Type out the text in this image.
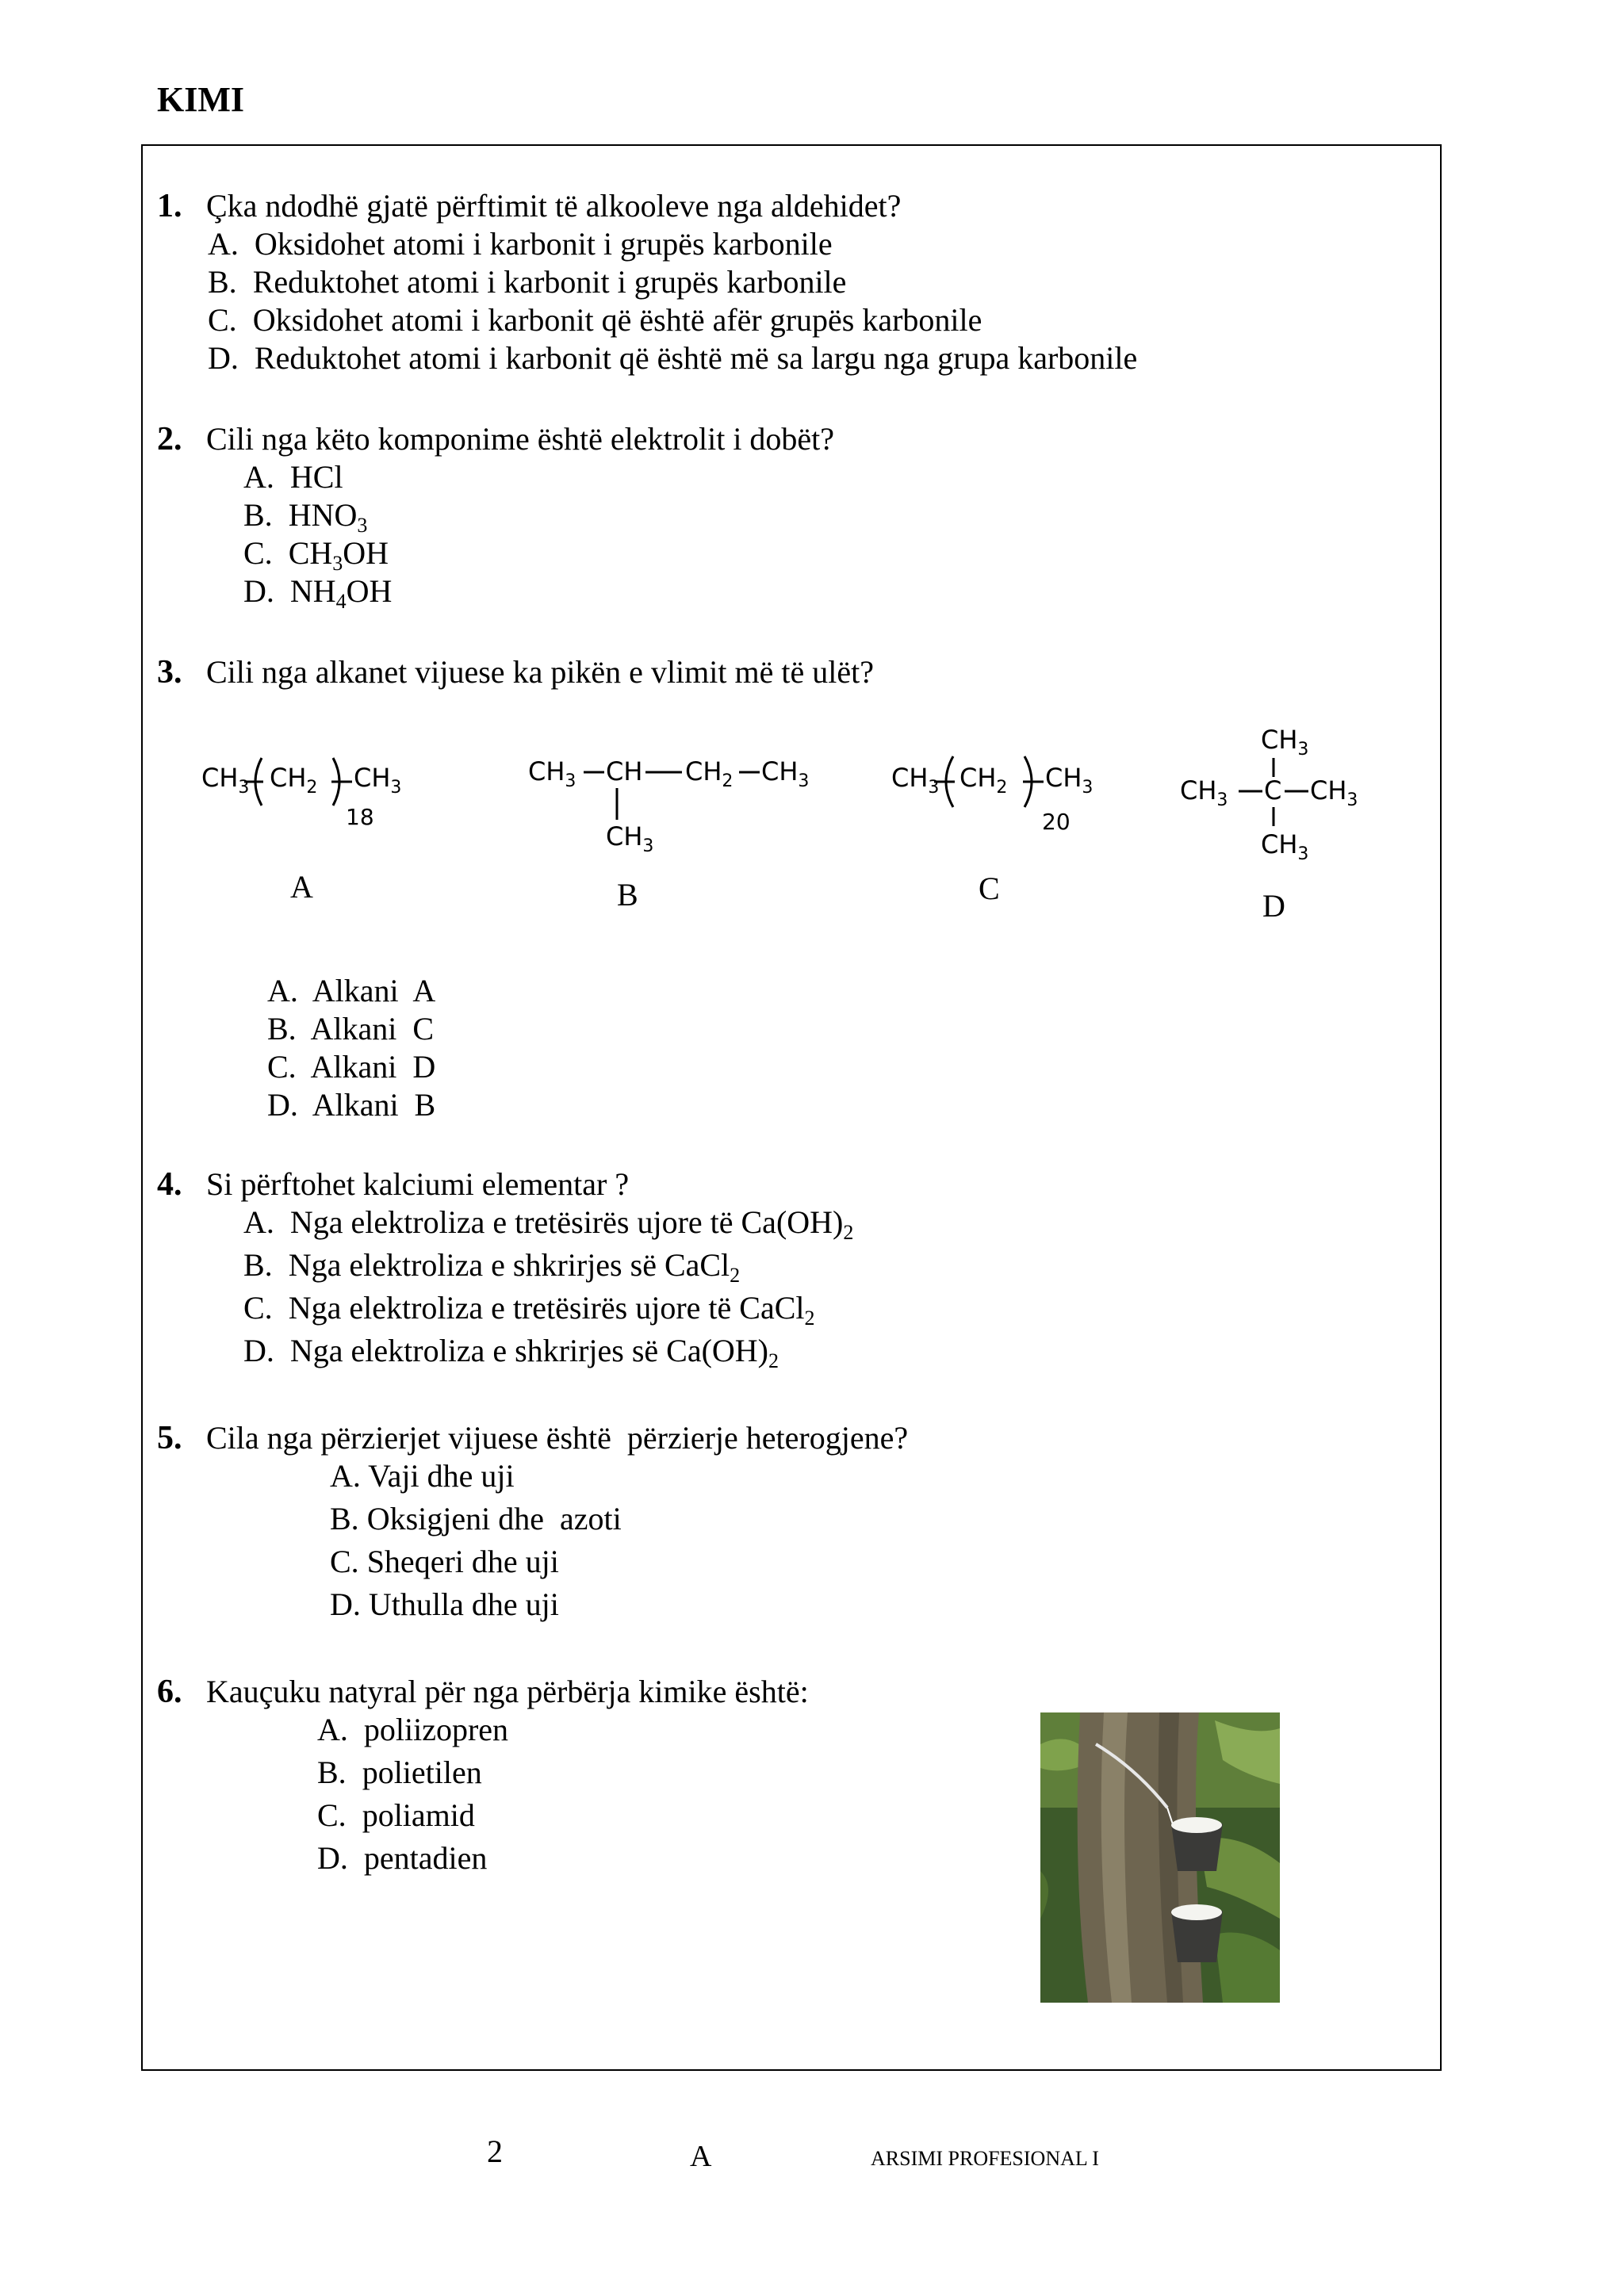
KIMI
1. Çka ndodhë gjatë përftimit të alkooleve nga aldehidet?
A. Oksidohet atomi i karbonit i grupës karbonile
B. Reduktohet atomi i karbonit i grupës karbonile
C. Oksidohet atomi i karbonit që është afër grupës karbonile
D. Reduktohet atomi i karbonit që është më sa largu nga grupa karbonile
2. Cili nga këto komponime është elektrolit i dobët?
A. HCl
B. $HNO_3$
C. $CH_3OH$
D. $NH_4OH$
3. Cili nga alkanet vijuese ka pikën e vlimit më të ulët?
$CH_3$ $CH_2$ $CH_3$
18
A
$CH_3$ CH $CH_2$ $CH_3$
$CH_3$
B
$CH_3$ $CH_2$ $CH_3$
20
C
$CH_3$
$CH_3$ C $CH_3$
$CH_3$
D
A. Alkani  A
B. Alkani  C
C. Alkani  D
D. Alkani  B
4. Si përftohet kalciumi elementar ?
A. Nga elektroliza e tretësirës ujore të $Ca(OH)_2$
B. Nga elektroliza e shkrirjes së CaCl$_2$
C. Nga elektroliza e tretësirës ujore të CaCl$_2$
D. Nga elektroliza e shkrirjes së $Ca(OH)_2$
5. Cila nga përzierjet vijuese është  përzierje heterogjene?
A. Vaji dhe uji
B. Oksigjeni dhe  azoti
C. Sheqeri dhe uji
D. Uthulla dhe uji
6. Kauçuku natyral për nga përbërja kimike është:
A. poliizopren
B. polietilen
C. poliamid
D. pentadien
2	A	ARSIMI PROFESIONAL I
